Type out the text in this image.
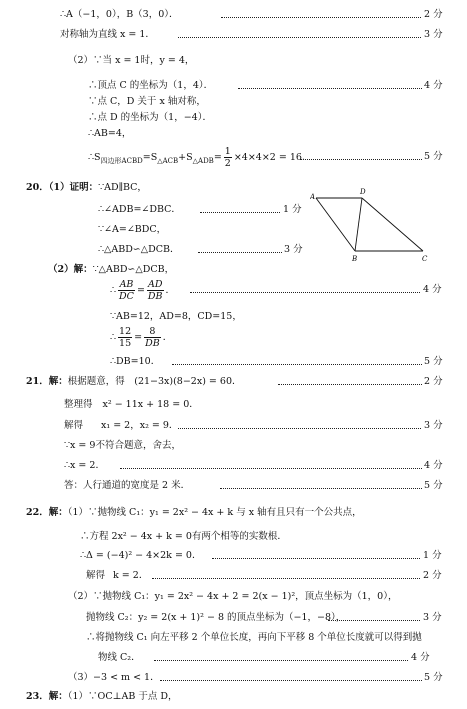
∴A（−1，0），B（3，0）．	2 分
对称轴为直线 x = 1．	3 分
（2）∵当 x = 1时，y = 4，
∴顶点 C 的坐标为（1，4）．	4 分
∵点 C，D 关于 x 轴对称，
∴点 D 的坐标为（1，−4）．
∴AB=4，
$\therefore S_{四边形ACBD}=S_{\triangle ACB}+S_{\triangle ADB}= \frac{1}{2} \times 4\times 4\times 2 = 16$．	5 分
20．（1）证明：∵AD∥BC，
∴∠ADB=∠DBC．	1 分
∵∠A=∠BDC，
∴△ABD∽△DCB．	3 分
A
D
B	C
（2）解：∵△ABD∽△DCB，
∴ $\frac{AB}{DC} = \frac{AD}{DB}$ ．	4 分
∵AB=12，AD=8，CD=15，
∴ $\frac{12}{15} = \frac{8}{DB}$ ．
∴DB=10．	5 分
21．解：根据题意，得　(21−3x)(8−2x) = 60．	2 分
整理得 x² − 11x + 18 = 0．
解得 x₁ = 2，x₂ = 9．	3 分
∵x = 9不符合题意，舍去，
∴x = 2．	4 分
答：人行通道的宽度是 2 米．	5 分
22．解：（1）∵抛物线 C₁：y₁ = 2x² − 4x + k 与 x 轴有且只有一个公共点，
∴方程 2x² − 4x + k = 0有两个相等的实数根．
∴Δ = (−4)² − 4×2k = 0．	1 分
解得 k = 2．	2 分
（2）∵抛物线 C₁：y₁ = 2x² − 4x + 2 = 2(x − 1)²，顶点坐标为（1，0），
抛物线 C₂：y₂ = 2(x + 1)² − 8 的顶点坐标为（−1，−8），	3 分
∴将抛物线 C₁ 向左平移 2 个单位长度，再向下平移 8 个单位长度就可以得到抛
物线 C₂．	4 分
（3）−3 < m < 1．	5 分
23．解：（1）∵OC⊥AB 于点 D，
